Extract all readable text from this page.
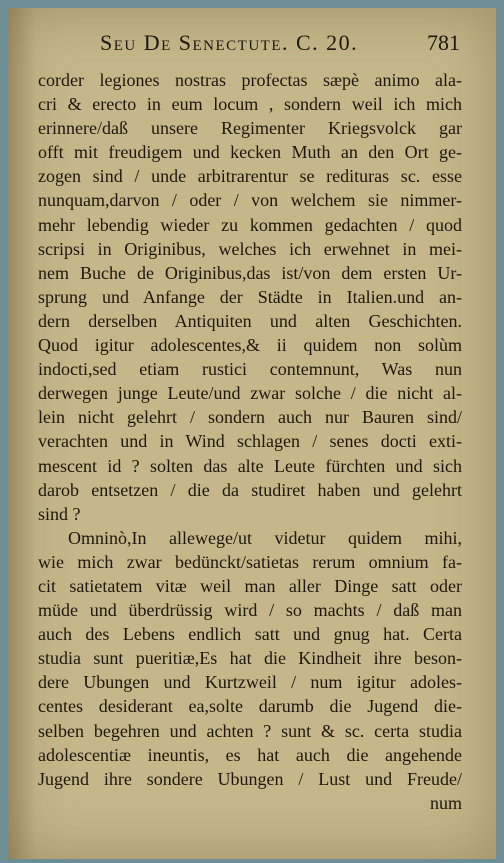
Seu De Senectute. C. 20.	781
corder legiones nostras profectas sæpè animo ala-
cri & erecto in eum locum , sondern weil ich mich
erinnere/daß unsere Regimenter Kriegsvolck gar
offt mit freudigem und kecken Muth an den Ort ge-
zogen sind / unde arbitrarentur se redituras sc. esse
nunquam,darvon / oder / von welchem sie nimmer-
mehr lebendig wieder zu kommen gedachten / quod
scripsi in Originibus, welches ich erwehnet in mei-
nem Buche de Originibus,das ist/von dem ersten Ur-
sprung und Anfange der Städte in Italien.und an-
dern derselben Antiquiten und alten Geschichten.
Quod igitur adolescentes,& ii quidem non solùm
indocti,sed etiam rustici contemnunt, Was nun
derwegen junge Leute/und zwar solche / die nicht al-
lein nicht gelehrt / sondern auch nur Bauren sind/
verachten und in Wind schlagen / senes docti exti-
mescent id ? solten das alte Leute fürchten und sich
darob entsetzen / die da studiret haben und gelehrt
sind ?
Omninò,In allewege/ut videtur quidem mihi,
wie mich zwar bedünckt/satietas rerum omnium fa-
cit satietatem vitæ weil man aller Dinge satt oder
müde und überdrüssig wird / so machts / daß man
auch des Lebens endlich satt und gnug hat. Certa
studia sunt pueritiæ,Es hat die Kindheit ihre beson-
dere Ubungen und Kurtzweil / num igitur adoles-
centes desiderant ea,solte darumb die Jugend die-
selben begehren und achten ? sunt & sc. certa studia
adolescentiæ ineuntis, es hat auch die angehende
Jugend ihre sondere Ubungen / Lust und Freude/
num
